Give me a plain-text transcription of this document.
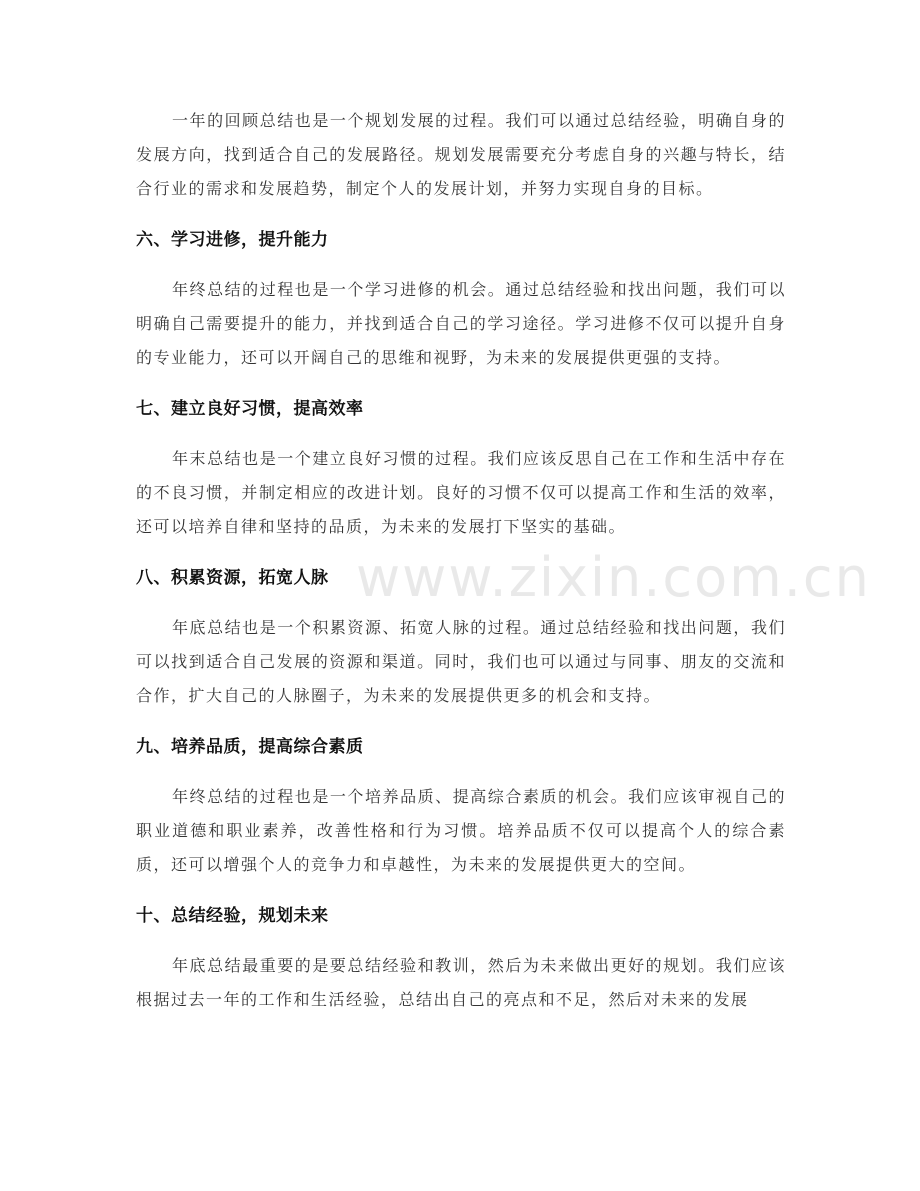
www.zixin.com.cn

一年的回顾总结也是一个规划发展的过程。我们可以通过总结经验，明确自身的发展方向，找到适合自己的发展路径。规划发展需要充分考虑自身的兴趣与特长，结合行业的需求和发展趋势，制定个人的发展计划，并努力实现自身的目标。

六、学习进修，提升能力

年终总结的过程也是一个学习进修的机会。通过总结经验和找出问题，我们可以明确自己需要提升的能力，并找到适合自己的学习途径。学习进修不仅可以提升自身的专业能力，还可以开阔自己的思维和视野，为未来的发展提供更强的支持。

七、建立良好习惯，提高效率

年末总结也是一个建立良好习惯的过程。我们应该反思自己在工作和生活中存在的不良习惯，并制定相应的改进计划。良好的习惯不仅可以提高工作和生活的效率，还可以培养自律和坚持的品质，为未来的发展打下坚实的基础。

八、积累资源，拓宽人脉

年底总结也是一个积累资源、拓宽人脉的过程。通过总结经验和找出问题，我们可以找到适合自己发展的资源和渠道。同时，我们也可以通过与同事、朋友的交流和合作，扩大自己的人脉圈子，为未来的发展提供更多的机会和支持。

九、培养品质，提高综合素质

年终总结的过程也是一个培养品质、提高综合素质的机会。我们应该审视自己的职业道德和职业素养，改善性格和行为习惯。培养品质不仅可以提高个人的综合素质，还可以增强个人的竞争力和卓越性，为未来的发展提供更大的空间。

十、总结经验，规划未来

年底总结最重要的是要总结经验和教训，然后为未来做出更好的规划。我们应该根据过去一年的工作和生活经验，总结出自己的亮点和不足，然后对未来的发展
